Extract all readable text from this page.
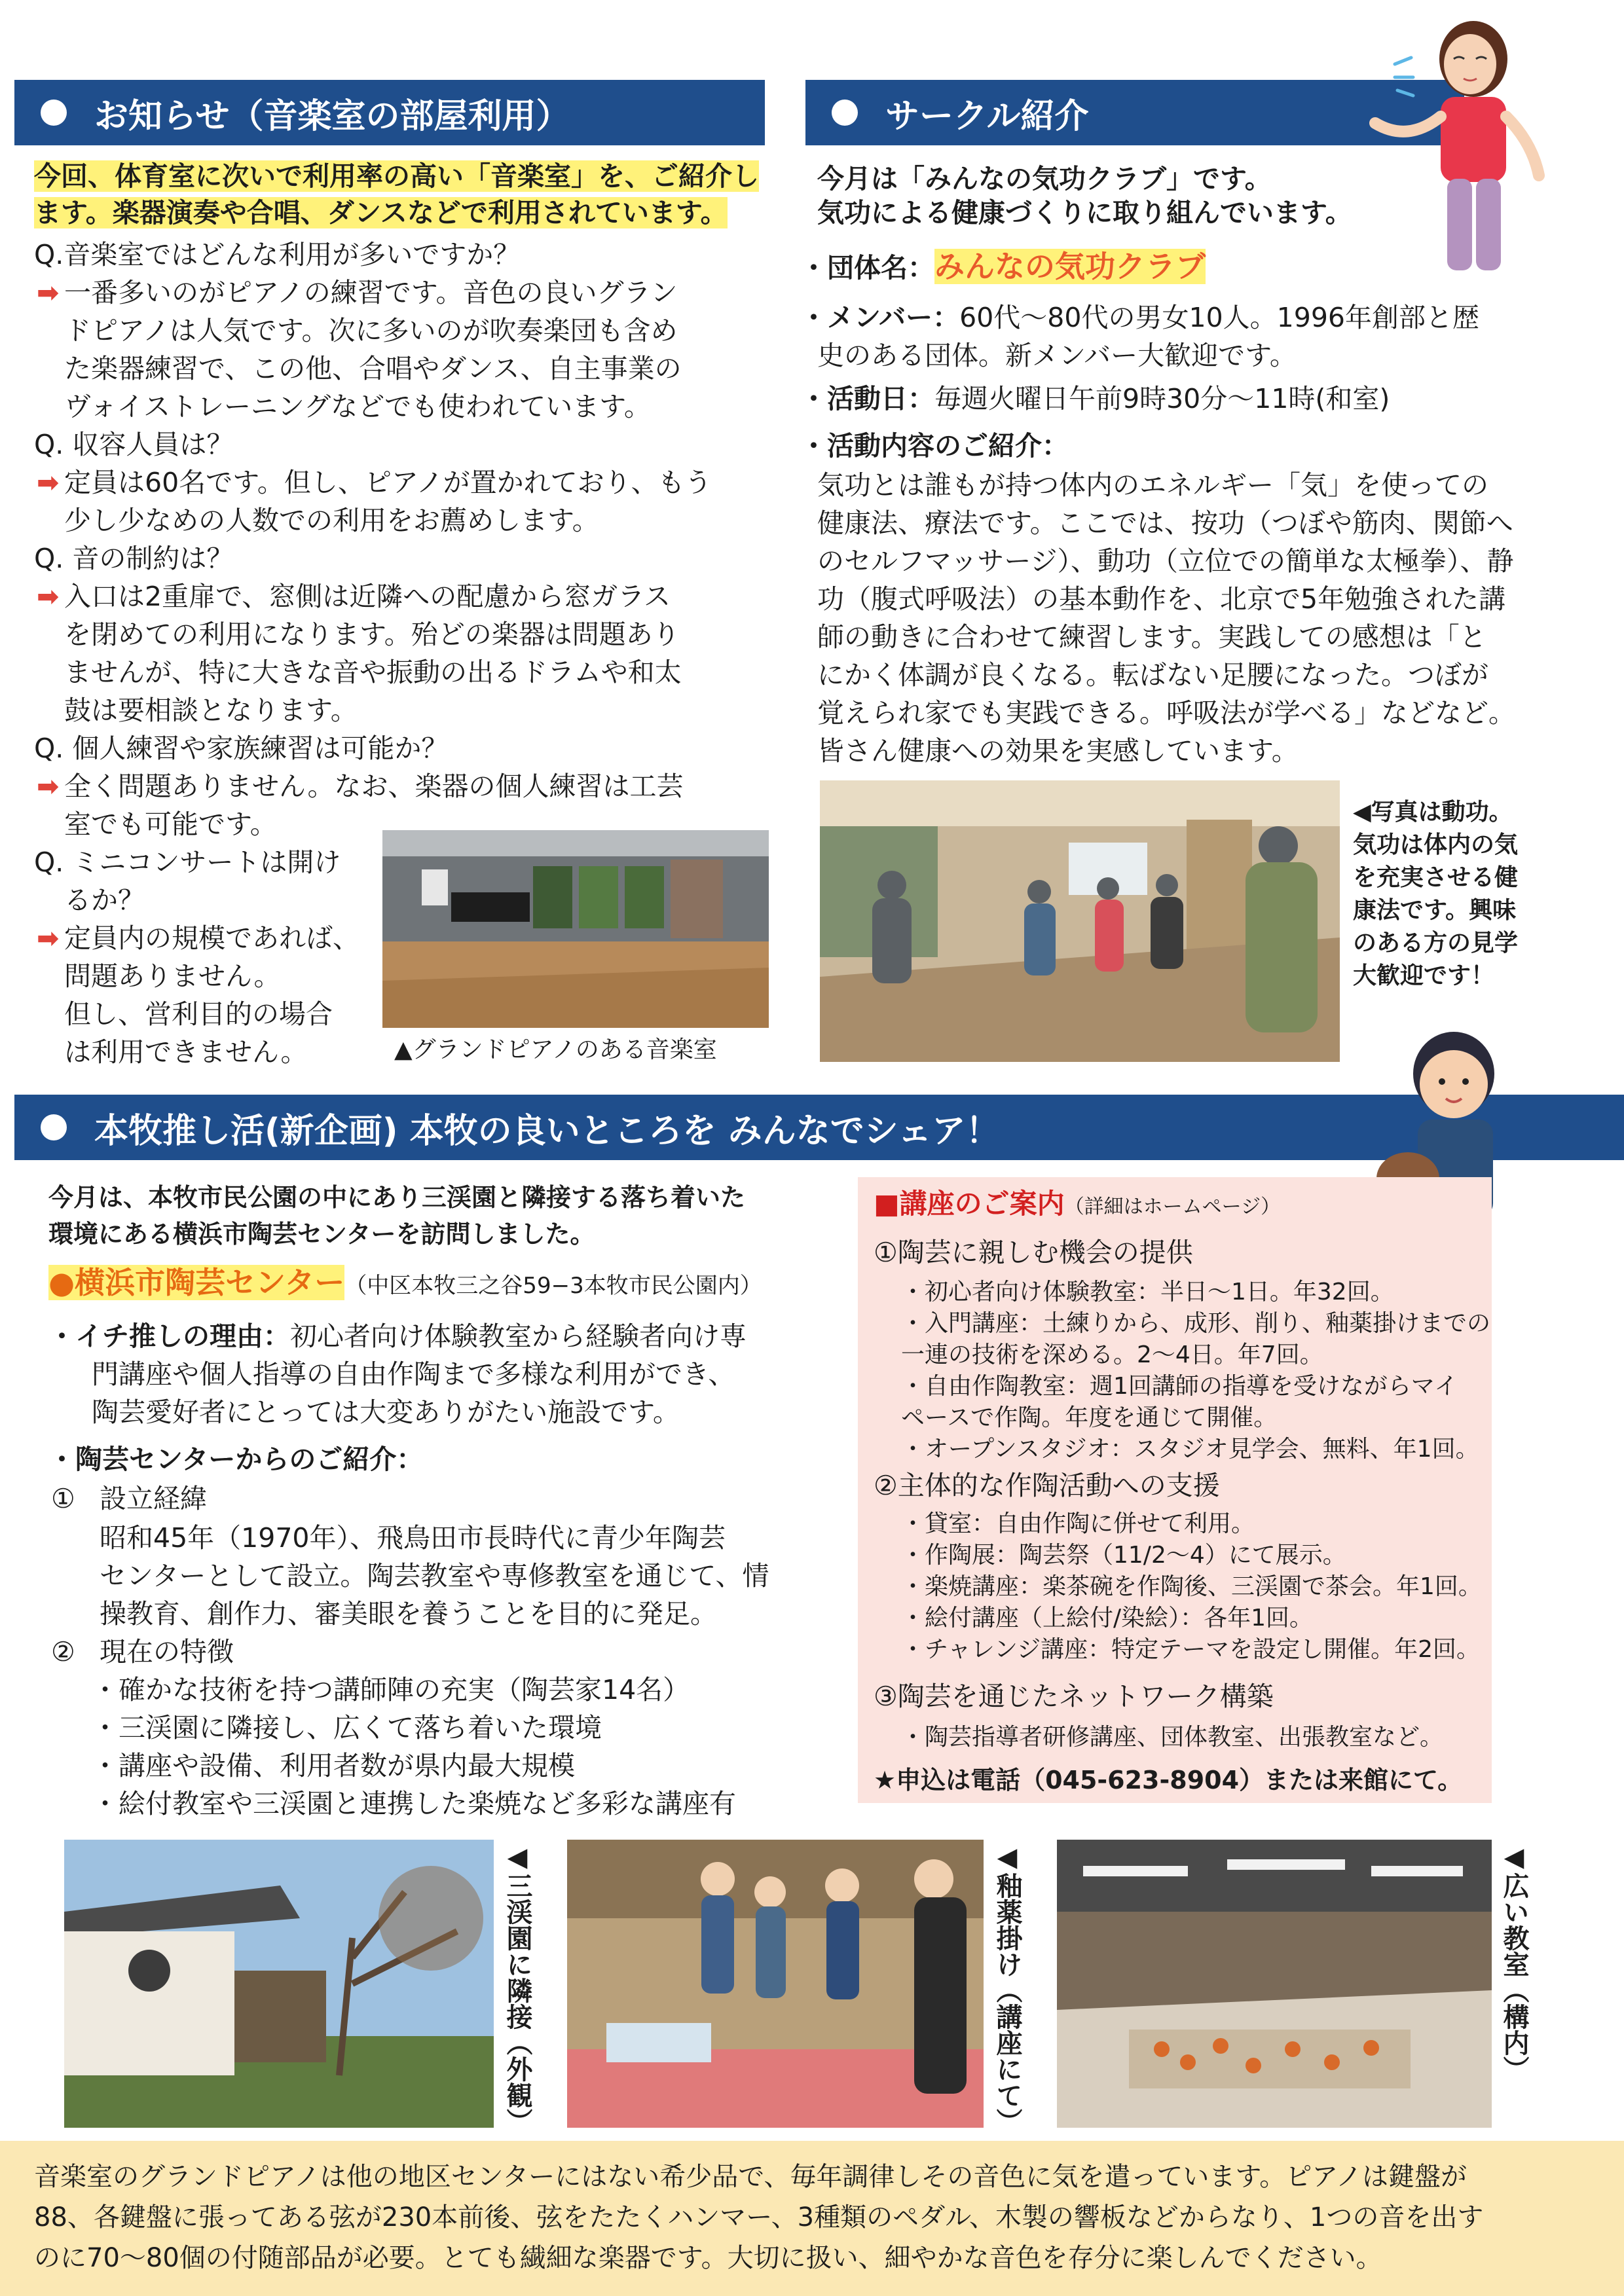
お知らせ（音楽室の部屋利用）
今回、体育室に次いで利用率の高い「音楽室」を、ご紹介し
ます。楽器演奏や合唱、ダンスなどで利用されています。
Q.音楽室ではどんな利用が多いですか？
➡ 一番多いのがピアノの練習です。音色の良いグラン
ドピアノは人気です。次に多いのが吹奏楽団も含め
た楽器練習で、この他、合唱やダンス、自主事業の
ヴォイストレーニングなどでも使われています。
Q. 収容人員は？
➡ 定員は60名です。但し、ピアノが置かれており、もう
少し少なめの人数での利用をお薦めします。
Q. 音の制約は？
➡ 入口は2重扉で、窓側は近隣への配慮から窓ガラス
を閉めての利用になります。殆どの楽器は問題あり
ませんが、特に大きな音や振動の出るドラムや和太
鼓は要相談となります。
Q. 個人練習や家族練習は可能か？
➡ 全く問題ありません。なお、楽器の個人練習は工芸
室でも可能です。
Q. ミニコンサートは開け
るか？
➡ 定員内の規模であれば、
問題ありません。
但し、営利目的の場合
は利用できません。	▲グランドピアノのある音楽室
サークル紹介
今月は「みんなの気功クラブ」です。
気功による健康づくりに取り組んでいます。
・団体名：みんなの気功クラブ
・メンバー：60代～80代の男女10人。1996年創部と歴
史のある団体。新メンバー大歓迎です。
・活動日：毎週火曜日午前9時30分～11時(和室)
・活動内容のご紹介：
気功とは誰もが持つ体内のエネルギー「気」を使っての
健康法、療法です。ここでは、按功（つぼや筋肉、関節へ
のセルフマッサージ）、動功（立位での簡単な太極拳）、静
功（腹式呼吸法）の基本動作を、北京で5年勉強された講
師の動きに合わせて練習します。実践しての感想は「と
にかく体調が良くなる。転ばない足腰になった。つぼが
覚えられ家でも実践できる。呼吸法が学べる」などなど。
皆さん健康への効果を実感しています。
◀写真は動功。
気功は体内の気
を充実させる健
康法です。興味
のある方の見学
大歓迎です！
本牧推し活(新企画) 本牧の良いところを みんなでシェア！
今月は、本牧市民公園の中にあり三渓園と隣接する落ち着いた
環境にある横浜市陶芸センターを訪問しました。
●横浜市陶芸センター（中区本牧三之谷59−3本牧市民公園内）
・イチ推しの理由：初心者向け体験教室から経験者向け専
門講座や個人指導の自由作陶まで多様な利用ができ、
陶芸愛好者にとっては大変ありがたい施設です。
・陶芸センターからのご紹介：
① 設立経緯
昭和45年（1970年）、飛鳥田市長時代に青少年陶芸
センターとして設立。陶芸教室や専修教室を通じて、情
操教育、創作力、審美眼を養うことを目的に発足。
② 現在の特徴
・確かな技術を持つ講師陣の充実（陶芸家14名）
・三渓園に隣接し、広くて落ち着いた環境
・講座や設備、利用者数が県内最大規模
・絵付教室や三渓園と連携した楽焼など多彩な講座有
■講座のご案内（詳細はホームページ）
①陶芸に親しむ機会の提供
・初心者向け体験教室：半日～1日。年32回。
・入門講座：土練りから、成形、削り、釉薬掛けまでの
一連の技術を深める。2～4日。年7回。
・自由作陶教室：週1回講師の指導を受けながらマイ
ペースで作陶。年度を通じて開催。
・オープンスタジオ：スタジオ見学会、無料、年1回。
②主体的な作陶活動への支援
・貸室：自由作陶に併せて利用。
・作陶展：陶芸祭（11/2～4）にて展示。
・楽焼講座：楽茶碗を作陶後、三渓園で茶会。年1回。
・絵付講座（上絵付/染絵）：各年1回。
・チャレンジ講座：特定テーマを設定し開催。年2回。
③陶芸を通じたネットワーク構築
・陶芸指導者研修講座、団体教室、出張教室など。
★申込は電話（045-623-8904）または来館にて。
◀三渓園に隣接（外観）	◀釉薬掛け（講座にて）	◀広い教室（構内）
音楽室のグランドピアノは他の地区センターにはない希少品で、毎年調律しその音色に気を遣っています。ピアノは鍵盤が
88、各鍵盤に張ってある弦が230本前後、弦をたたくハンマー、3種類のペダル、木製の響板などからなり、1つの音を出す
のに70～80個の付随部品が必要。とても繊細な楽器です。大切に扱い、細やかな音色を存分に楽しんでください。
